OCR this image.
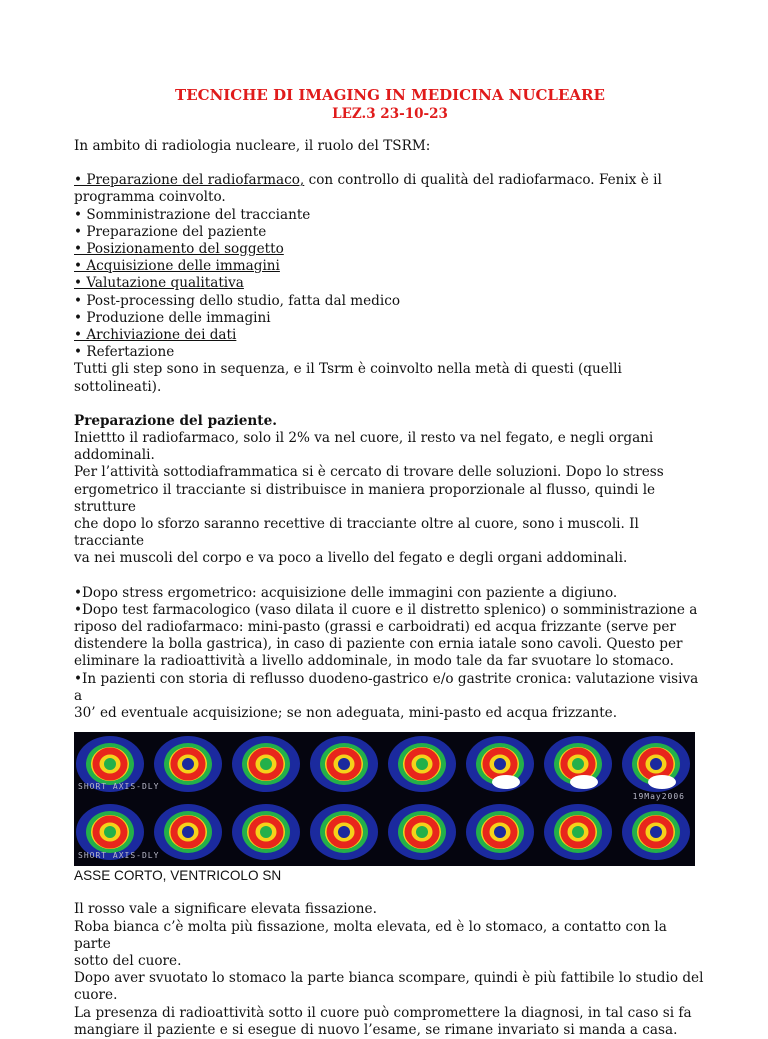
TECNICHE DI IMAGING IN MEDICINA NUCLEARE
LEZ.3 23-10-23

In ambito di radiologia nucleare, il ruolo del TSRM:

• Preparazione del radiofarmaco, con controllo di qualità del radiofarmaco. Fenix è il
programma coinvolto.
• Somministrazione del tracciante
• Preparazione del paziente
• Posizionamento del soggetto
• Acquisizione delle immagini
• Valutazione qualitativa
• Post-processing dello studio, fatta dal medico
• Produzione delle immagini
• Archiviazione dei dati
• Refertazione

Tutti gli step sono in sequenza, e il Tsrm è coinvolto nella metà di questi (quelli sottolineati).

Preparazione del paziente.

Iniettto il radiofarmaco, solo il 2% va nel cuore, il resto va nel fegato, e negli organi addominali.
Per l’attività sottodiaframmatica si è cercato di trovare delle soluzioni. Dopo lo stress
ergometrico il tracciante si distribuisce in maniera proporzionale al flusso, quindi le strutture
che dopo lo sforzo saranno recettive di tracciante oltre al cuore, sono i muscoli. Il tracciante
va nei muscoli del corpo e va poco a livello del fegato e degli organi addominali.
•Dopo stress ergometrico: acquisizione delle immagini con paziente a digiuno.
•Dopo test farmacologico (vaso dilata il cuore e il distretto splenico) o somministrazione a
riposo del radiofarmaco: mini-pasto (grassi e carboidrati) ed acqua frizzante (serve per
distendere la bolla gastrica), in caso di paziente con ernia iatale sono cavoli. Questo per
eliminare la radioattività a livello addominale, in modo tale da far svuotare lo stomaco.
•In pazienti con storia di reflusso duodeno-gastrico e/o gastrite cronica: valutazione visiva a
30’ ed eventuale acquisizione; se non adeguata, mini-pasto ed acqua frizzante.
SHORT AXIS-DLY
19May2006
SHORT AXIS-DLY
ASSE CORTO, VENTRICOLO SN
Il rosso vale a significare elevata fissazione.
Roba bianca c’è molta più fissazione, molta elevata, ed è lo stomaco, a contatto con la parte
sotto del cuore.
Dopo aver svuotato lo stomaco la parte bianca scompare, quindi è più fattibile lo studio del
cuore.
La presenza di radioattività sotto il cuore può compromettere la diagnosi, in tal caso si fa
mangiare il paziente e si esegue di nuovo l’esame, se rimane invariato si manda a casa.
